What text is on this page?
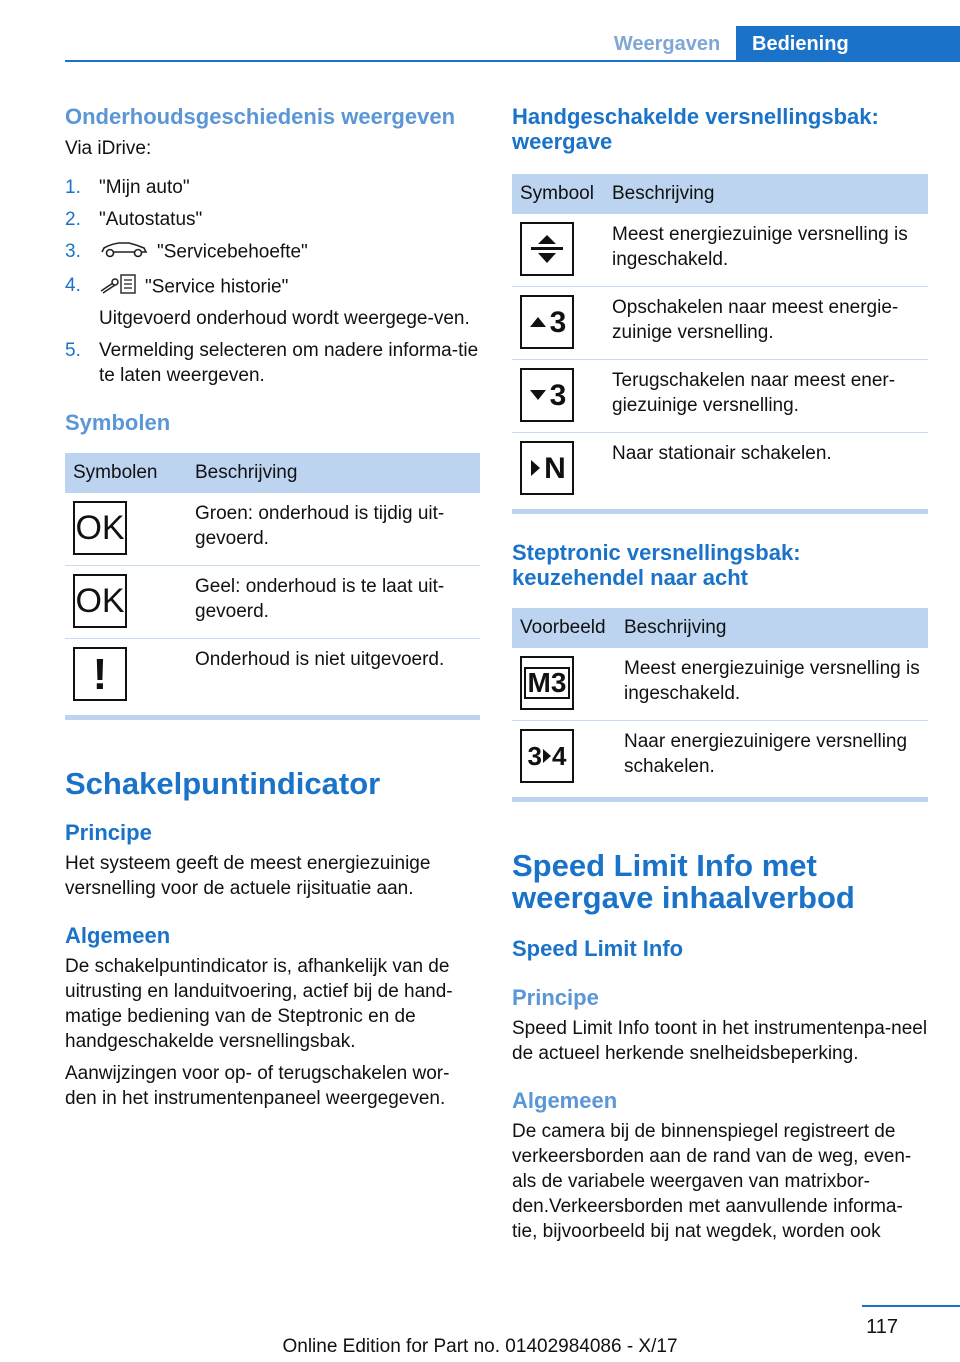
Weergaven	Bediening
Onderhoudsgeschiedenis weergeven
Via iDrive:
1. "Mijn auto"
2. "Autostatus"
3.	"Servicebehoefte"
4.	"Service historie"
Uitgevoerd onderhoud wordt weergege-ven.
5. Vermelding selecteren om nadere informa-tie te laten weergeven.
Symbolen
Symbolen	Beschrijving

OK	Groen: onderhoud is tijdig uit-gevoerd.

OK	Geel: onderhoud is te laat uit-gevoerd.

!	Onderhoud is niet uitgevoerd.
Schakelpuntindicator
Principe
Het systeem geeft de meest energiezuinige versnelling voor de actuele rijsituatie aan.
Algemeen
De schakelpuntindicator is, afhankelijk van de uitrusting en landuitvoering, actief bij de hand-matige bediening van de Steptronic en de handgeschakelde versnellingsbak.
Aanwijzingen voor op- of terugschakelen wor-den in het instrumentenpaneel weergegeven.
Handgeschakelde versnellingsbak: weergave
Symbool	Beschrijving

	Meest energiezuinige versnelling is ingeschakeld.

3	Opschakelen naar meest energie-zuinige versnelling.

3	Terugschakelen naar meest ener-giezuinige versnelling.

N	Naar stationair schakelen.
Steptronic versnellingsbak: keuzehendel naar acht
Voorbeeld	Beschrijving

M3	Meest energiezuinige versnelling is ingeschakeld.

3 4	Naar energiezuinigere versnelling schakelen.
Speed Limit Info met weergave inhaalverbod
Speed Limit Info
Principe
Speed Limit Info toont in het instrumentenpa-neel de actueel herkende snelheidsbeperking.
Algemeen
De camera bij de binnenspiegel registreert de verkeersborden aan de rand van de weg, even-als de variabele weergaven van matrixbor-den.Verkeersborden met aanvullende informa-tie, bijvoorbeeld bij nat wegdek, worden ook
117
Online Edition for Part no. 01402984086 - X/17
